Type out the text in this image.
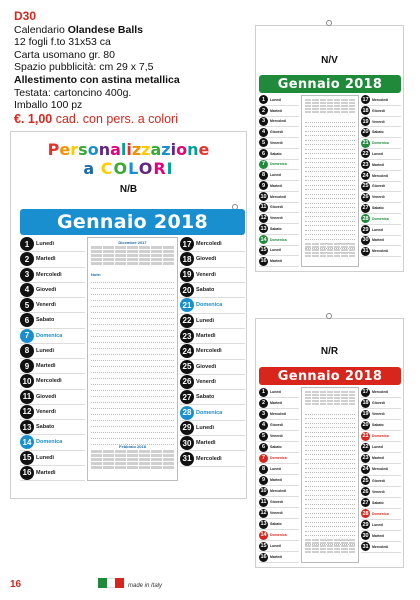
D30
Calendario Olandese Balls
12 fogli f.to 31x53 ca
Carta usomano gr. 80
Spazio pubblicità: cm 29 x 7,5
Allestimento con astina metallica
Testata: cartoncino 400g.
Imballo 100 pz
€. 1,00 cad. con pers. a colori
Personalizzazione
a COLORI
N/B
Gennaio 2018
1	Lunedì
2	Martedì
3	Mercoledì
4	Giovedì
5	Venerdì
6	Sabato
7	Domenica
8	Lunedì
9	Martedì
10 Mercoledì
11 Giovedì
12 Venerdì
13 Sabato
14 Domenica
15 Lunedì
16 Martedì
17 Mercoledì
18 Giovedì
19 Venerdì
20 Sabato
21 Domenica
22 Lunedì
23 Martedì
24 Mercoledì
25 Giovedì
26 Venerdì
27 Sabato
28 Domenica
29 Lunedì
30 Martedì
31 Mercoledì
Dicembre 2017
Note:
Febbraio 2018
N/V
Gennaio 2018
1	Lunedì
2	Martedì
3	Mercoledì
4	Giovedì
5	Venerdì
6	Sabato
7	Domenica
8	Lunedì
9	Martedì
10 Mercoledì
11	Giovedì
12 Venerdì
13 Sabato
14 Domenica
15 Lunedì
16 Martedì
17 Mercoledì
18 Giovedì
19 Venerdì
20 Sabato
21 Domenica
22 Lunedì
23 Martedì
24 Mercoledì
25 Giovedì
26 Venerdì
27 Sabato
28 Domenica
29 Lunedì
30 Martedì
31 Mercoledì
N/R
Gennaio 2018
1	Lunedì
2	Martedì
3	Mercoledì
4	Giovedì
5	Venerdì
6	Sabato
7	Domenica
8	Lunedì
9	Martedì
10 Mercoledì
11	Giovedì
12 Venerdì
13 Sabato
14 Domenica
15 Lunedì
16 Martedì
17 Mercoledì
18 Giovedì
19 Venerdì
20 Sabato
21 Domenica
22 Lunedì
23 Martedì
24 Mercoledì
25 Giovedì
26 Venerdì
27 Sabato
28 Domenica
29 Lunedì
30 Martedì
31 Mercoledì
16	made in Italy
